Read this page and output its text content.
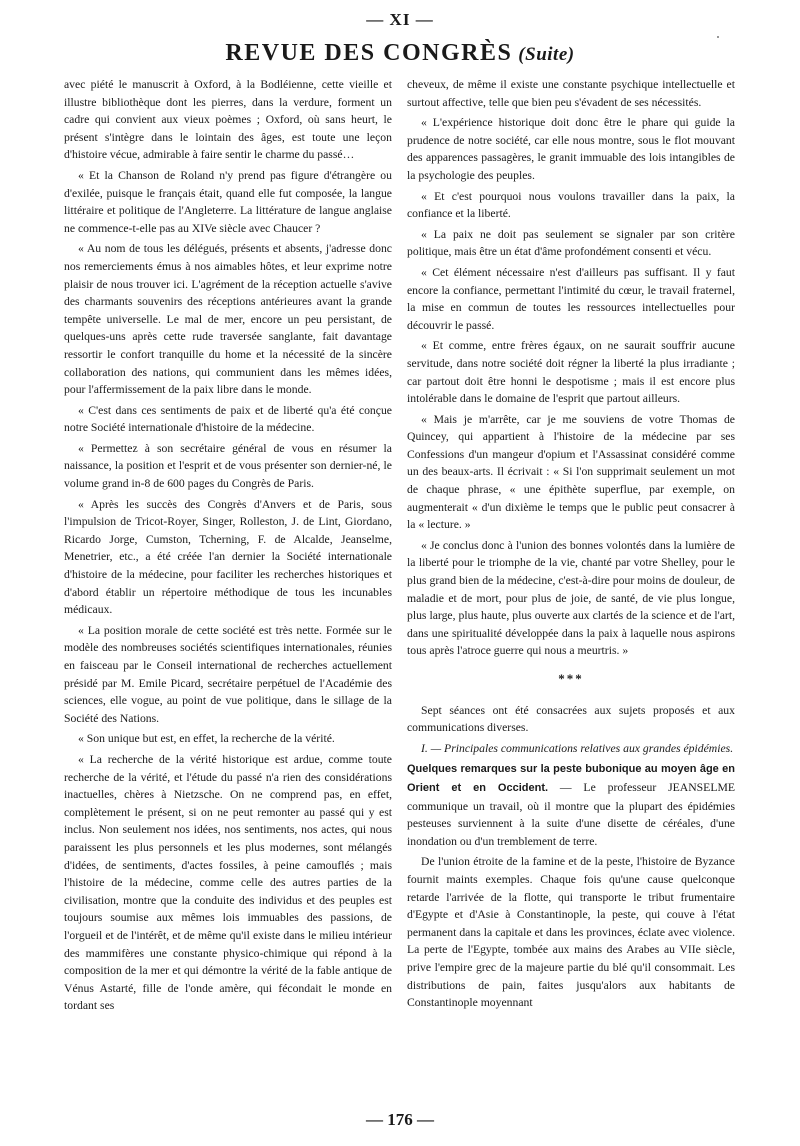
— XI —
REVUE DES CONGRÈS (Suite)

avec piété le manuscrit à Oxford, à la Bodléienne, cette vieille et illustre bibliothèque dont les pierres, dans la verdure, forment un cadre qui convient aux vieux poèmes ; Oxford, où sans heurt, le présent s'intègre dans le lointain des âges, est toute une leçon d'histoire vécue, admirable à faire sentir le charme du passé…

« Et la Chanson de Roland n'y prend pas figure d'étrangère ou d'exilée, puisque le français était, quand elle fut composée, la langue littéraire et politique de l'Angleterre. La littérature de langue anglaise ne commence-t-elle pas au XIVe siècle avec Chaucer ?

« Au nom de tous les délégués, présents et absents, j'adresse donc nos remerciements émus à nos aimables hôtes, et leur exprime notre plaisir de nous trouver ici. L'agrément de la réception actuelle s'avive des charmants souvenirs des réceptions antérieures avant la grande tempête universelle. Le mal de mer, encore un peu persistant, de quelques-uns après cette rude traversée sanglante, fait davantage ressortir le confort tranquille du home et la nécessité de la sincère collaboration des nations, qui communient dans les mêmes idées, pour l'affermissement de la paix libre dans le monde.

« C'est dans ces sentiments de paix et de liberté qu'a été conçue notre Société internationale d'histoire de la médecine.

« Permettez à son secrétaire général de vous en résumer la naissance, la position et l'esprit et de vous présenter son dernier-né, le volume grand in-8 de 600 pages du Congrès de Paris.

« Après les succès des Congrès d'Anvers et de Paris, sous l'impulsion de Tricot-Royer, Singer, Rolleston, J. de Lint, Giordano, Ricardo Jorge, Cumston, Tcherning, F. de Alcalde, Jeanselme, Menetrier, etc., a été créée l'an dernier la Société internationale d'histoire de la médecine, pour faciliter les recherches historiques et d'abord établir un répertoire méthodique de tous les incunables médicaux.

« La position morale de cette société est très nette. Formée sur le modèle des nombreuses sociétés scientifiques internationales, réunies en faisceau par le Conseil international de recherches actuellement présidé par M. Emile Picard, secrétaire perpétuel de l'Académie des sciences, elle vogue, au point de vue politique, dans le sillage de la Société des Nations.

« Son unique but est, en effet, la recherche de la vérité.

« La recherche de la vérité historique est ardue, comme toute recherche de la vérité, et l'étude du passé n'a rien des considérations inactuelles, chères à Nietzsche. On ne comprend pas, en effet, complètement le présent, si on ne peut remonter au passé qui y est inclus. Non seulement nos idées, nos sentiments, nos actes, qui nous paraissent les plus personnels et les plus modernes, sont mélangés d'idées, de sentiments, d'actes fossiles, à peine camouflés ; mais l'histoire de la médecine, comme celle des autres parties de la civilisation, montre que la conduite des individus et des peuples est toujours soumise aux mêmes lois immuables des passions, de l'orgueil et de l'intérêt, et de même qu'il existe dans le milieu intérieur des mammifères une constante physico-chimique qui répond à la composition de la mer et qui démontre la vérité de la fable antique de Vénus Astarté, fille de l'onde amère, qui fécondait le monde en tordant ses

cheveux, de même il existe une constante psychique intellectuelle et surtout affective, telle que bien peu s'évadent de ses nécessités.

« L'expérience historique doit donc être le phare qui guide la prudence de notre société, car elle nous montre, sous le flot mouvant des apparences passagères, le granit immuable des lois intangibles de la psychologie des peuples.

« Et c'est pourquoi nous voulons travailler dans la paix, la confiance et la liberté.

« La paix ne doit pas seulement se signaler par son critère politique, mais être un état d'âme profondément consenti et vécu.

« Cet élément nécessaire n'est d'ailleurs pas suffisant. Il y faut encore la confiance, permettant l'intimité du cœur, le travail fraternel, la mise en commun de toutes les ressources intellectuelles pour découvrir le passé.

« Et comme, entre frères égaux, on ne saurait souffrir aucune servitude, dans notre société doit régner la liberté la plus irradiante ; car partout doit être honni le despotisme ; mais il est encore plus intolérable dans le domaine de l'esprit que partout ailleurs.

« Mais je m'arrête, car je me souviens de votre Thomas de Quincey, qui appartient à l'histoire de la médecine par ses Confessions d'un mangeur d'opium et l'Assassinat considéré comme un des beaux-arts. Il écrivait : « Si l'on supprimait seulement un mot de chaque phrase, « une épithète superflue, par exemple, on augmenterait « d'un dixième le temps que le public peut consacrer à la « lecture. »

« Je conclus donc à l'union des bonnes volontés dans la lumière de la liberté pour le triomphe de la vie, chanté par votre Shelley, pour le plus grand bien de la médecine, c'est-à-dire pour moins de douleur, de maladie et de mort, pour plus de joie, de santé, de vie plus longue, plus large, plus haute, plus ouverte aux clartés de la science et de l'art, dans une spiritualité développée dans la paix à laquelle nous aspirons tous après l'atroce guerre qui nous a meurtris. »

***

Sept séances ont été consacrées aux sujets proposés et aux communications diverses.

I. — Principales communications relatives aux grandes épidémies.

Quelques remarques sur la peste bubonique au moyen âge en Orient et en Occident. — Le professeur JEANSELME communique un travail, où il montre que la plupart des épidémies pesteuses surviennent à la suite d'une disette de céréales, d'une inondation ou d'un tremblement de terre.

De l'union étroite de la famine et de la peste, l'histoire de Byzance fournit maints exemples. Chaque fois qu'une cause quelconque retarde l'arrivée de la flotte, qui transporte le tribut frumentaire d'Egypte et d'Asie à Constantinople, la peste, qui couve à l'état permanent dans la capitale et dans les provinces, éclate avec violence. La perte de l'Egypte, tombée aux mains des Arabes au VIIe siècle, prive l'empire grec de la majeure partie du blé qu'il consommait. Les distributions de pain, faites jusqu'alors aux habitants de Constantinople moyennant

— 176 —
